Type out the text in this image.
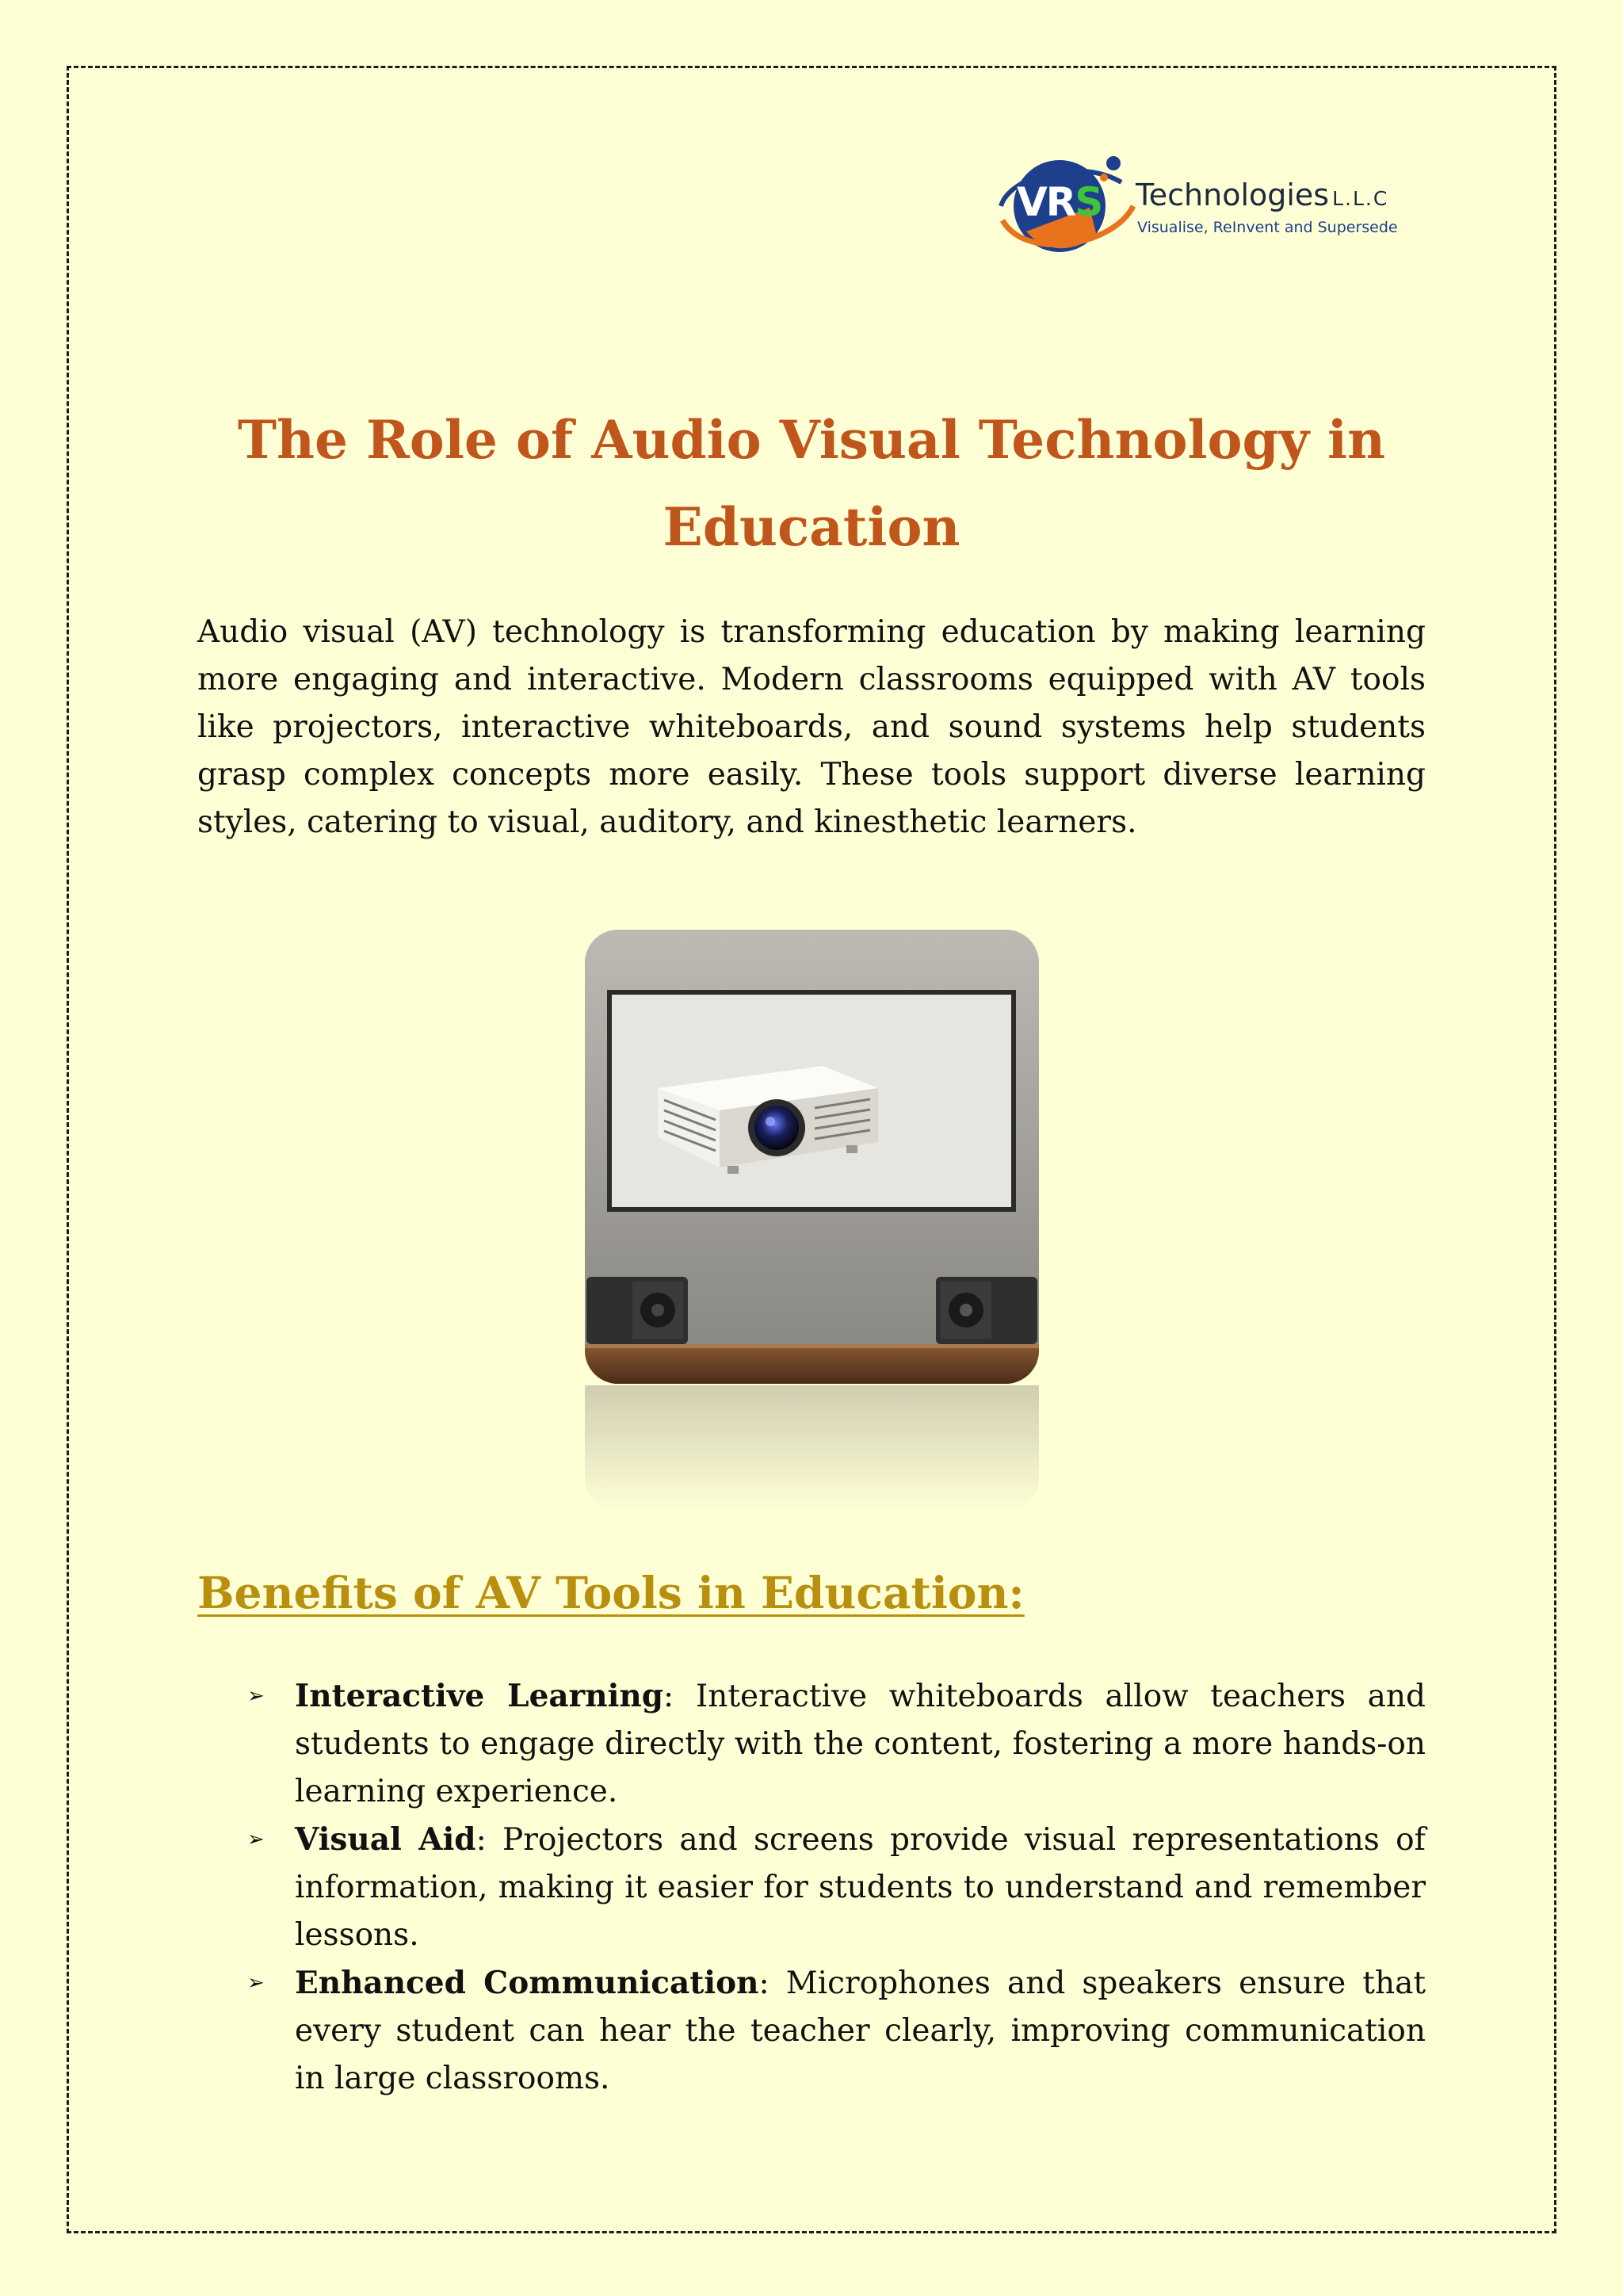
VRS Technologies L.L.C
Visualise, ReInvent and Supersede
The Role of Audio Visual Technology in Education

Audio visual (AV) technology is transforming education by making learning more engaging and interactive. Modern classrooms equipped with AV tools like projectors, interactive whiteboards, and sound systems help students grasp complex concepts more easily. These tools support diverse learning styles, catering to visual, auditory, and kinesthetic learners.

Benefits of AV Tools in Education:
➢ Interactive Learning: Interactive whiteboards allow teachers and students to engage directly with the content, fostering a more hands-on learning experience.
➢ Visual Aid: Projectors and screens provide visual representations of information, making it easier for students to understand and remember lessons.
➢ Enhanced Communication: Microphones and speakers ensure that every student can hear the teacher clearly, improving communication in large classrooms.
